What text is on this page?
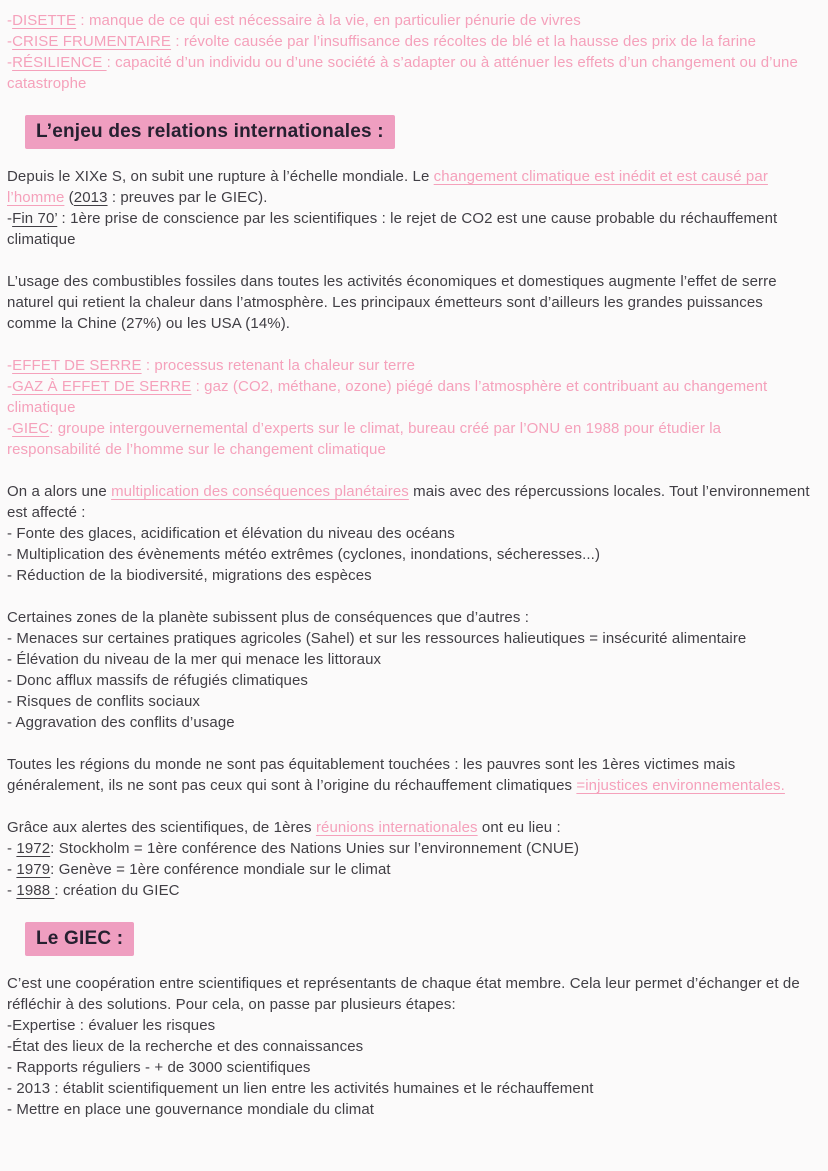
-DISETTE : manque de ce qui est nécessaire à la vie, en particulier pénurie de vivres
-CRISE FRUMENTAIRE : révolte causée par l’insuffisance des récoltes de blé et la hausse des prix de la farine
-RÉSILIENCE : capacité d’un individu ou d’une société à s’adapter ou à atténuer les effets d’un changement ou d’une catastrophe

L’enjeu des relations internationales :

Depuis le XIXe S, on subit une rupture à l’échelle mondiale. Le changement climatique est inédit et est causé par l’homme (2013 : preuves par le GIEC).
-Fin 70’ : 1ère prise de conscience par les scientifiques : le rejet de CO2 est une cause probable du réchauffement climatique

L’usage des combustibles fossiles dans toutes les activités économiques et domestiques augmente l’effet de serre naturel qui retient la chaleur dans l’atmosphère. Les principaux émetteurs sont d’ailleurs les grandes puissances comme la Chine (27%) ou les USA (14%).

-EFFET DE SERRE : processus retenant la chaleur sur terre
-GAZ À EFFET DE SERRE : gaz (CO2, méthane, ozone) piégé dans l’atmosphère et contribuant au changement climatique
-GIEC: groupe intergouvernemental d’experts sur le climat, bureau créé par l’ONU en 1988 pour étudier la responsabilité de l’homme sur le changement climatique

On a alors une multiplication des conséquences planétaires mais avec des répercussions locales. Tout l’environnement est affecté :
- Fonte des glaces, acidification et élévation du niveau des océans
- Multiplication des évènements météo extrêmes (cyclones, inondations, sécheresses...)
- Réduction de la biodiversité, migrations des espèces

Certaines zones de la planète subissent plus de conséquences que d’autres :
- Menaces sur certaines pratiques agricoles (Sahel) et sur les ressources halieutiques = insécurité alimentaire
- Élévation du niveau de la mer qui menace les littoraux
- Donc afflux massifs de réfugiés climatiques
- Risques de conflits sociaux
- Aggravation des conflits d’usage

Toutes les régions du monde ne sont pas équitablement touchées : les pauvres sont les 1ères victimes mais généralement, ils ne sont pas ceux qui sont à l’origine du réchauffement climatiques =injustices environnementales.

Grâce aux alertes des scientifiques, de 1ères réunions internationales ont eu lieu :
- 1972: Stockholm = 1ère conférence des Nations Unies sur l’environnement (CNUE)
- 1979: Genève = 1ère conférence mondiale sur le climat
- 1988 : création du GIEC

Le GIEC :

C’est une coopération entre scientifiques et représentants de chaque état membre. Cela leur permet d’échanger et de réfléchir à des solutions. Pour cela, on passe par plusieurs étapes:
-Expertise : évaluer les risques
-État des lieux de la recherche et des connaissances
- Rapports réguliers - + de 3000 scientifiques
- 2013 : établit scientifiquement un lien entre les activités humaines et le réchauffement
- Mettre en place une gouvernance mondiale du climat
